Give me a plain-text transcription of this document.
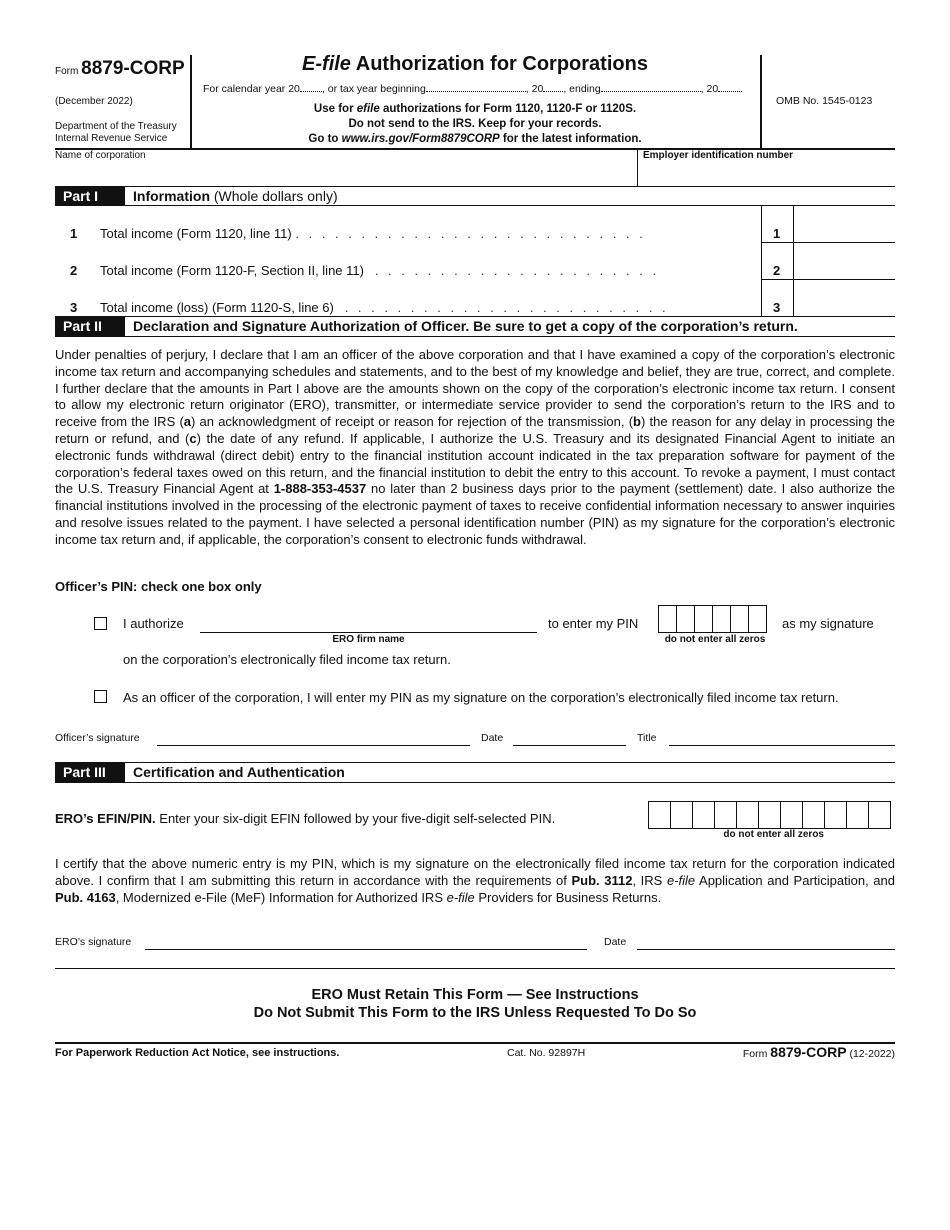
Form 8879-CORP
(December 2022)
Department of the Treasury
Internal Revenue Service
E-file Authorization for Corporations
For calendar year 20 , or tax year beginning	, 20 , ending	, 20
Use for efile authorizations for Form 1120, 1120-F or 1120S.
Do not send to the IRS. Keep for your records.
Go to www.irs.gov/Form8879CORP for the latest information.
OMB No. 1545-0123
Name of corporation	Employer identification number
Part I	Information (Whole dollars only)
1 Total income (Form 1120, line 11) . . . . . . . . . . . . . . . . . . . . . . . . . . .	1
2 Total income (Form 1120-F, Section II, line 11) . . . . . . . . . . . . . . . . . . . . . .	2
3 Total income (loss) (Form 1120-S, line 6) . . . . . . . . . . . . . . . . . . . . . . . . .	3
Part II	Declaration and Signature Authorization of Officer. Be sure to get a copy of the corporation’s return.
Under penalties of perjury, I declare that I am an officer of the above corporation and that I have examined a copy of the corporation’s electronic income tax return and accompanying schedules and statements, and to the best of my knowledge and belief, they are true, correct, and complete. I further declare that the amounts in Part I above are the amounts shown on the copy of the corporation’s electronic income tax return. I consent to allow my electronic return originator (ERO), transmitter, or intermediate service provider to send the corporation’s return to the IRS and to receive from the IRS (a) an acknowledgment of receipt or reason for rejection of the transmission, (b) the reason for any delay in processing the return or refund, and (c) the date of any refund. If applicable, I authorize the U.S. Treasury and its designated Financial Agent to initiate an electronic funds withdrawal (direct debit) entry to the financial institution account indicated in the tax preparation software for payment of the corporation’s federal taxes owed on this return, and the financial institution to debit the entry to this account. To revoke a payment, I must contact the U.S. Treasury Financial Agent at 1-888-353-4537 no later than 2 business days prior to the payment (settlement) date. I also authorize the financial institutions involved in the processing of the electronic payment of taxes to receive confidential information necessary to answer inquiries and resolve issues related to the payment. I have selected a personal identification number (PIN) as my signature for the corporation’s electronic income tax return and, if applicable, the corporation’s consent to electronic funds withdrawal.
Officer’s PIN: check one box only
I authorize
ERO firm name
to enter my PIN
do not enter all zeros
as my signature
on the corporation’s electronically filed income tax return.
As an officer of the corporation, I will enter my PIN as my signature on the corporation’s electronically filed income tax return.
Officer’s signature	Date	Title
Part III	Certification and Authentication
ERO’s EFIN/PIN. Enter your six-digit EFIN followed by your five-digit self-selected PIN.
do not enter all zeros
I certify that the above numeric entry is my PIN, which is my signature on the electronically filed income tax return for the corporation indicated above. I confirm that I am submitting this return in accordance with the requirements of Pub. 3112, IRS e-file Application and Participation, and Pub. 4163, Modernized e-File (MeF) Information for Authorized IRS e-file Providers for Business Returns.
ERO’s signature	Date
ERO Must Retain This Form — See Instructions
Do Not Submit This Form to the IRS Unless Requested To Do So
For Paperwork Reduction Act Notice, see instructions.	Cat. No. 92897H	Form 8879-CORP (12-2022)
